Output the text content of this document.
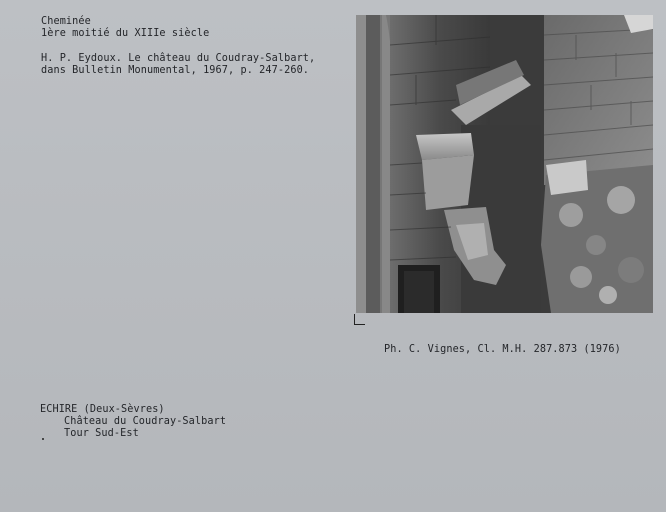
Cheminée
1ère moitié du XIIIe siècle
H. P. Eydoux. Le château du Coudray-Salbart,
dans Bulletin Monumental, 1967, p. 247-260.
Ph. C. Vignes, Cl. M.H. 287.873 (1976)
ECHIRE (Deux-Sèvres)
Château du Coudray-Salbart
Tour Sud-Est
